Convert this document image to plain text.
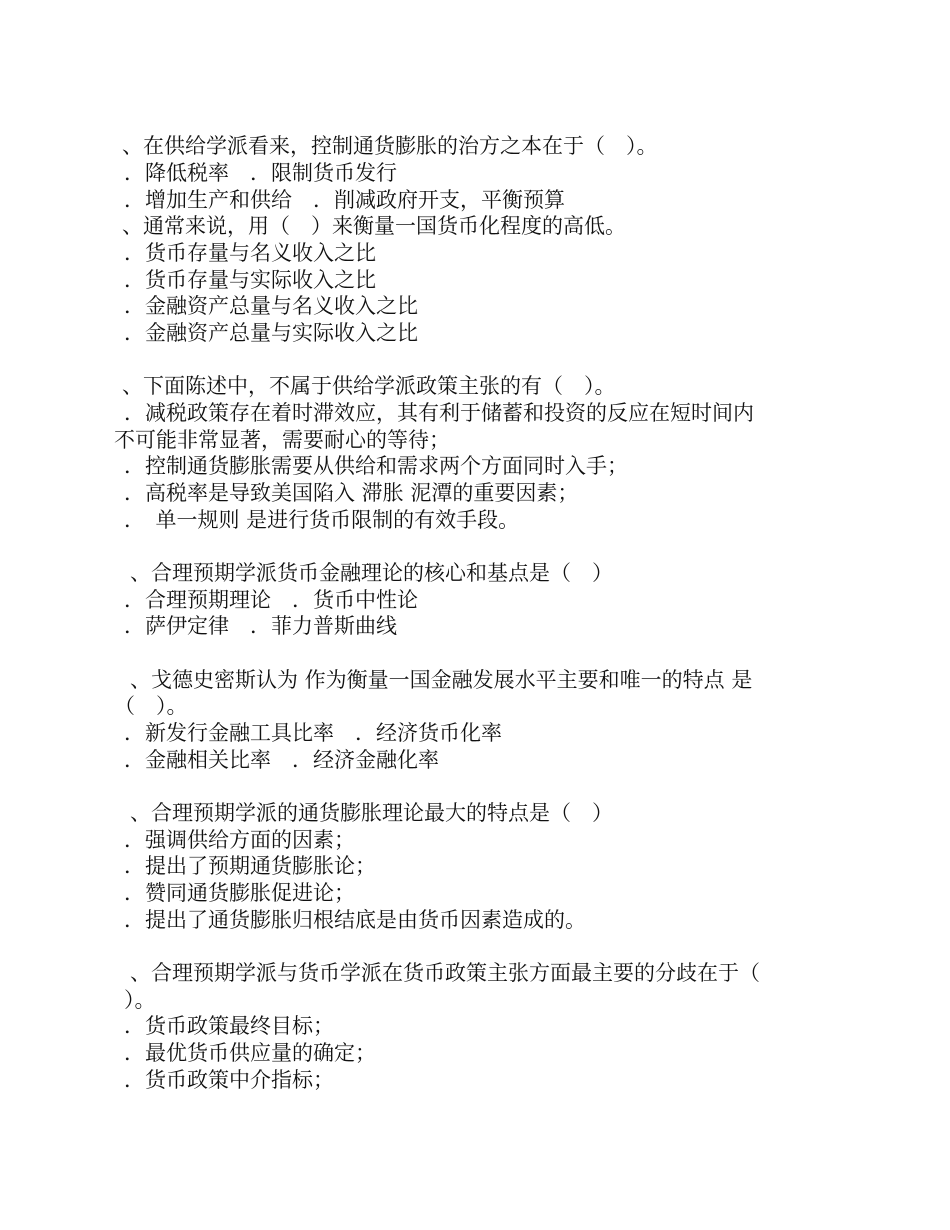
、在供给学派看来，控制通货膨胀的治方之本在于（　）。
．降低税率　．限制货币发行
．增加生产和供给　．削减政府开支，平衡预算
、通常来说，用（　）来衡量一国货币化程度的高低。
．货币存量与名义收入之比
．货币存量与实际收入之比
．金融资产总量与名义收入之比
．金融资产总量与实际收入之比
、下面陈述中，不属于供给学派政策主张的有（　）。
．减税政策存在着时滞效应，其有利于储蓄和投资的反应在短时间内
不可能非常显著，需要耐心的等待；
．控制通货膨胀需要从供给和需求两个方面同时入手；
．高税率是导致美国陷入 滞胀 泥潭的重要因素；
．　单一规则 是进行货币限制的有效手段。
、合理预期学派货币金融理论的核心和基点是（　）
．合理预期理论　．货币中性论
．萨伊定律　．菲力普斯曲线
、戈德史密斯认为 作为衡量一国金融发展水平主要和唯一的特点 是
（　）。
．新发行金融工具比率　．经济货币化率
．金融相关比率　．经济金融化率
、合理预期学派的通货膨胀理论最大的特点是（　）
．强调供给方面的因素；
．提出了预期通货膨胀论；
．赞同通货膨胀促进论；
．提出了通货膨胀归根结底是由货币因素造成的。
、合理预期学派与货币学派在货币政策主张方面最主要的分歧在于（
）。
．货币政策最终目标；
．最优货币供应量的确定；
．货币政策中介指标；
